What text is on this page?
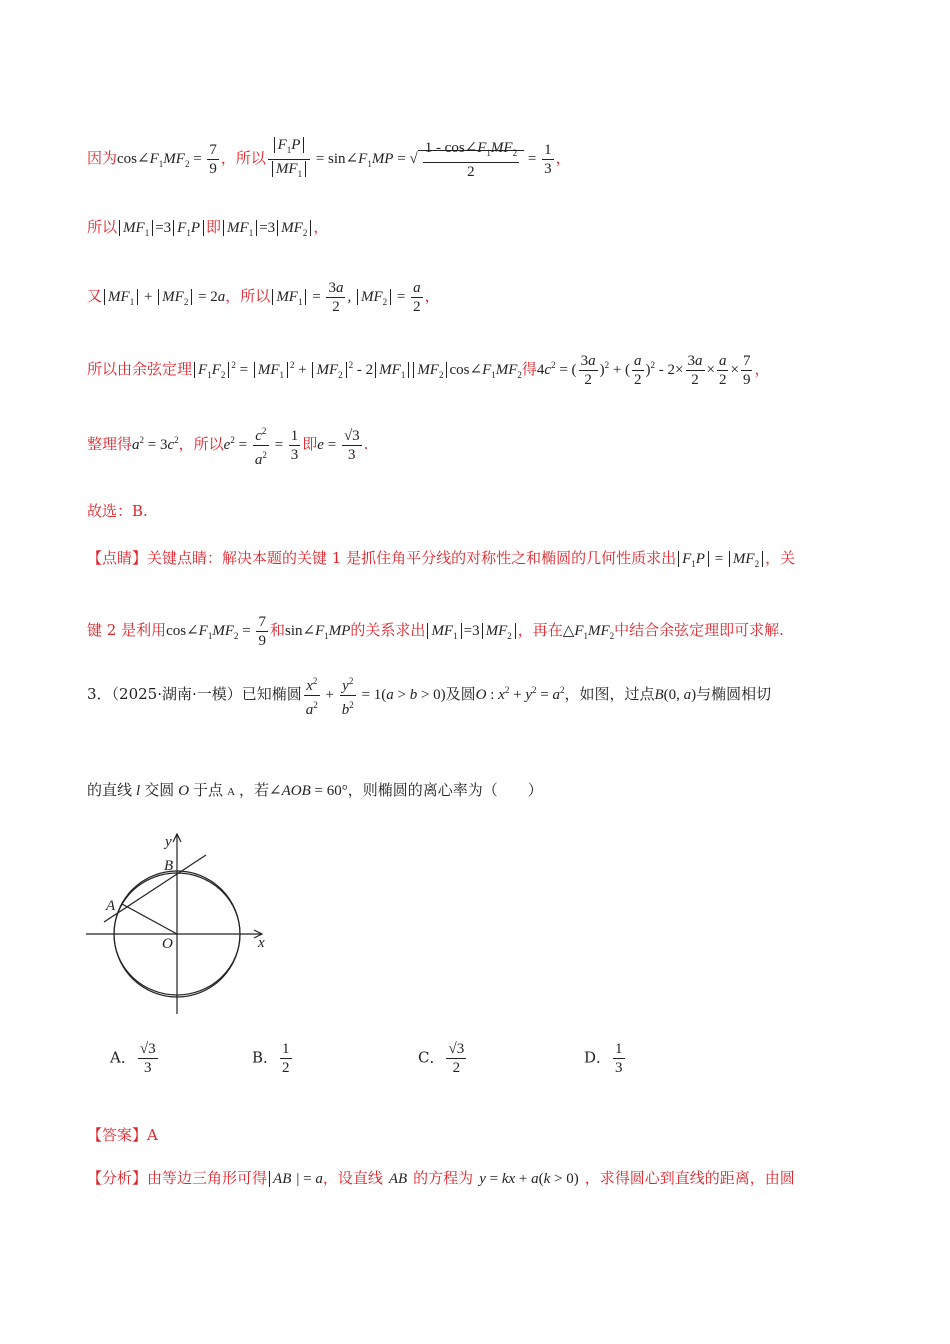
因为$\cos\angle F_1MF_2 = \frac{7}{9}$ ，所以 $\frac{F_1P}{MF_1}$ = $\sin\angle F_1MP$ = √ $\frac{1 - \cos\angle F_1MF_2}{2} = \frac{1}{3}$ ，
所以 $MF_1 =3$ $F_1P$ 即 $MF_1 =3$ $MF_2$ ，
又 $MF_1 + MF_2 = 2a$，所以 $MF_1 = \frac{3a}{2}$ , $MF_2 = \frac{a}{2}$ ，
所以由余弦定理 $F_1F_2^2 = MF_1^2 + MF_2^2 - 2$ $MF_1$ $MF_2$ $\cos\angle F_1MF_2$得$4c^2$ = ( $\frac{3a}{2} )^2$ + ( $\frac{a}{2} )^2 - 2\times \frac{3a}{2} \times \frac{a}{2} \times \frac{7}{9}$ ，
整理得$a^2 = 3c^2$，所以$e^2 = \frac{c^2}{a^2} = \frac{1}{3}$ 即$e = \frac{√3}{3}$ .
故选：B.
【点睛】关键点睛：解决本题的关键 1 是抓住角平分线的对称性之和椭圆的几何性质求出 $F_1P = MF_2$ ，关
键 2 是利用$\cos\angle F_1MF_2 = \frac{7}{9}$ 和$\sin\angle F_1MP$的关系求出 $MF_1 =3$ $MF_2$ ，再在$\triangle F_1MF_2$中结合余弦定理即可求解.
3．（2025·湖南·一模）已知椭圆 $\frac{x^2}{a^2} + \frac{y^2}{b^2} = 1(a > b > 0)$及圆O : $x^2 + y^2 = a^2$，如图，过点B(0, a)与椭圆相切
的直线 l 交圆 O 于点 A ，若∠AOB = 60°，则椭圆的离心率为（　　）
y
x
B
A
O
A． $\frac{√3}{3}$	B． $\frac{1}{2}$	C． $\frac{√3}{2}$	D． $\frac{1}{3}$
【答案】A
【分析】由等边三角形可得 AB | = a，设直线 AB 的方程为 y = kx + a(k > 0) ，求得圆心到直线的距离，由圆
